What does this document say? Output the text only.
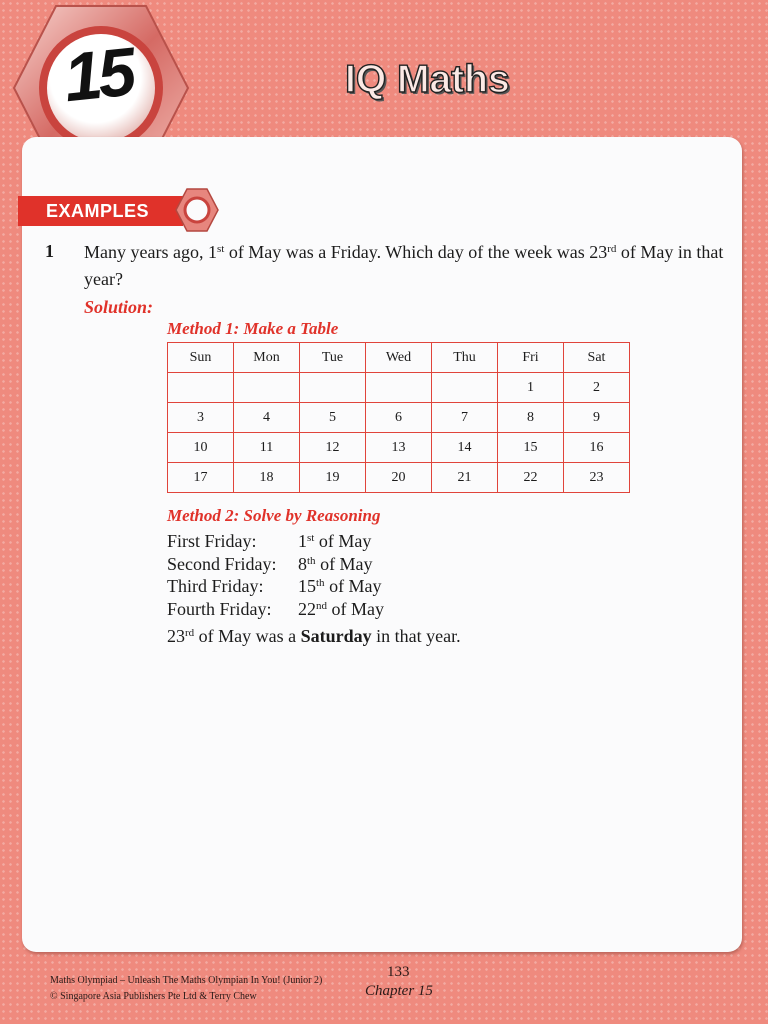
15	IQ Maths
EXAMPLES
1 Many years ago, 1st of May was a Friday. Which day of the week was 23rd of May in that year?
Solution:
Method 1: Make a Table
Sun	Mon	Tue	Wed	Thu	Fri	Sat
					1	2
3	4	5	6	7	8	9
10	11	12	13	14	15	16
17	18	19	20	21	22	23
Method 2: Solve by Reasoning
First Friday: 1st of May
Second Friday: 8th of May
Third Friday: 15th of May
Fourth Friday: 22nd of May
23rd of May was a Saturday in that year.
Maths Olympiad – Unleash The Maths Olympian In You! (Junior 2)
© Singapore Asia Publishers Pte Ltd & Terry Chew
133
Chapter 15
